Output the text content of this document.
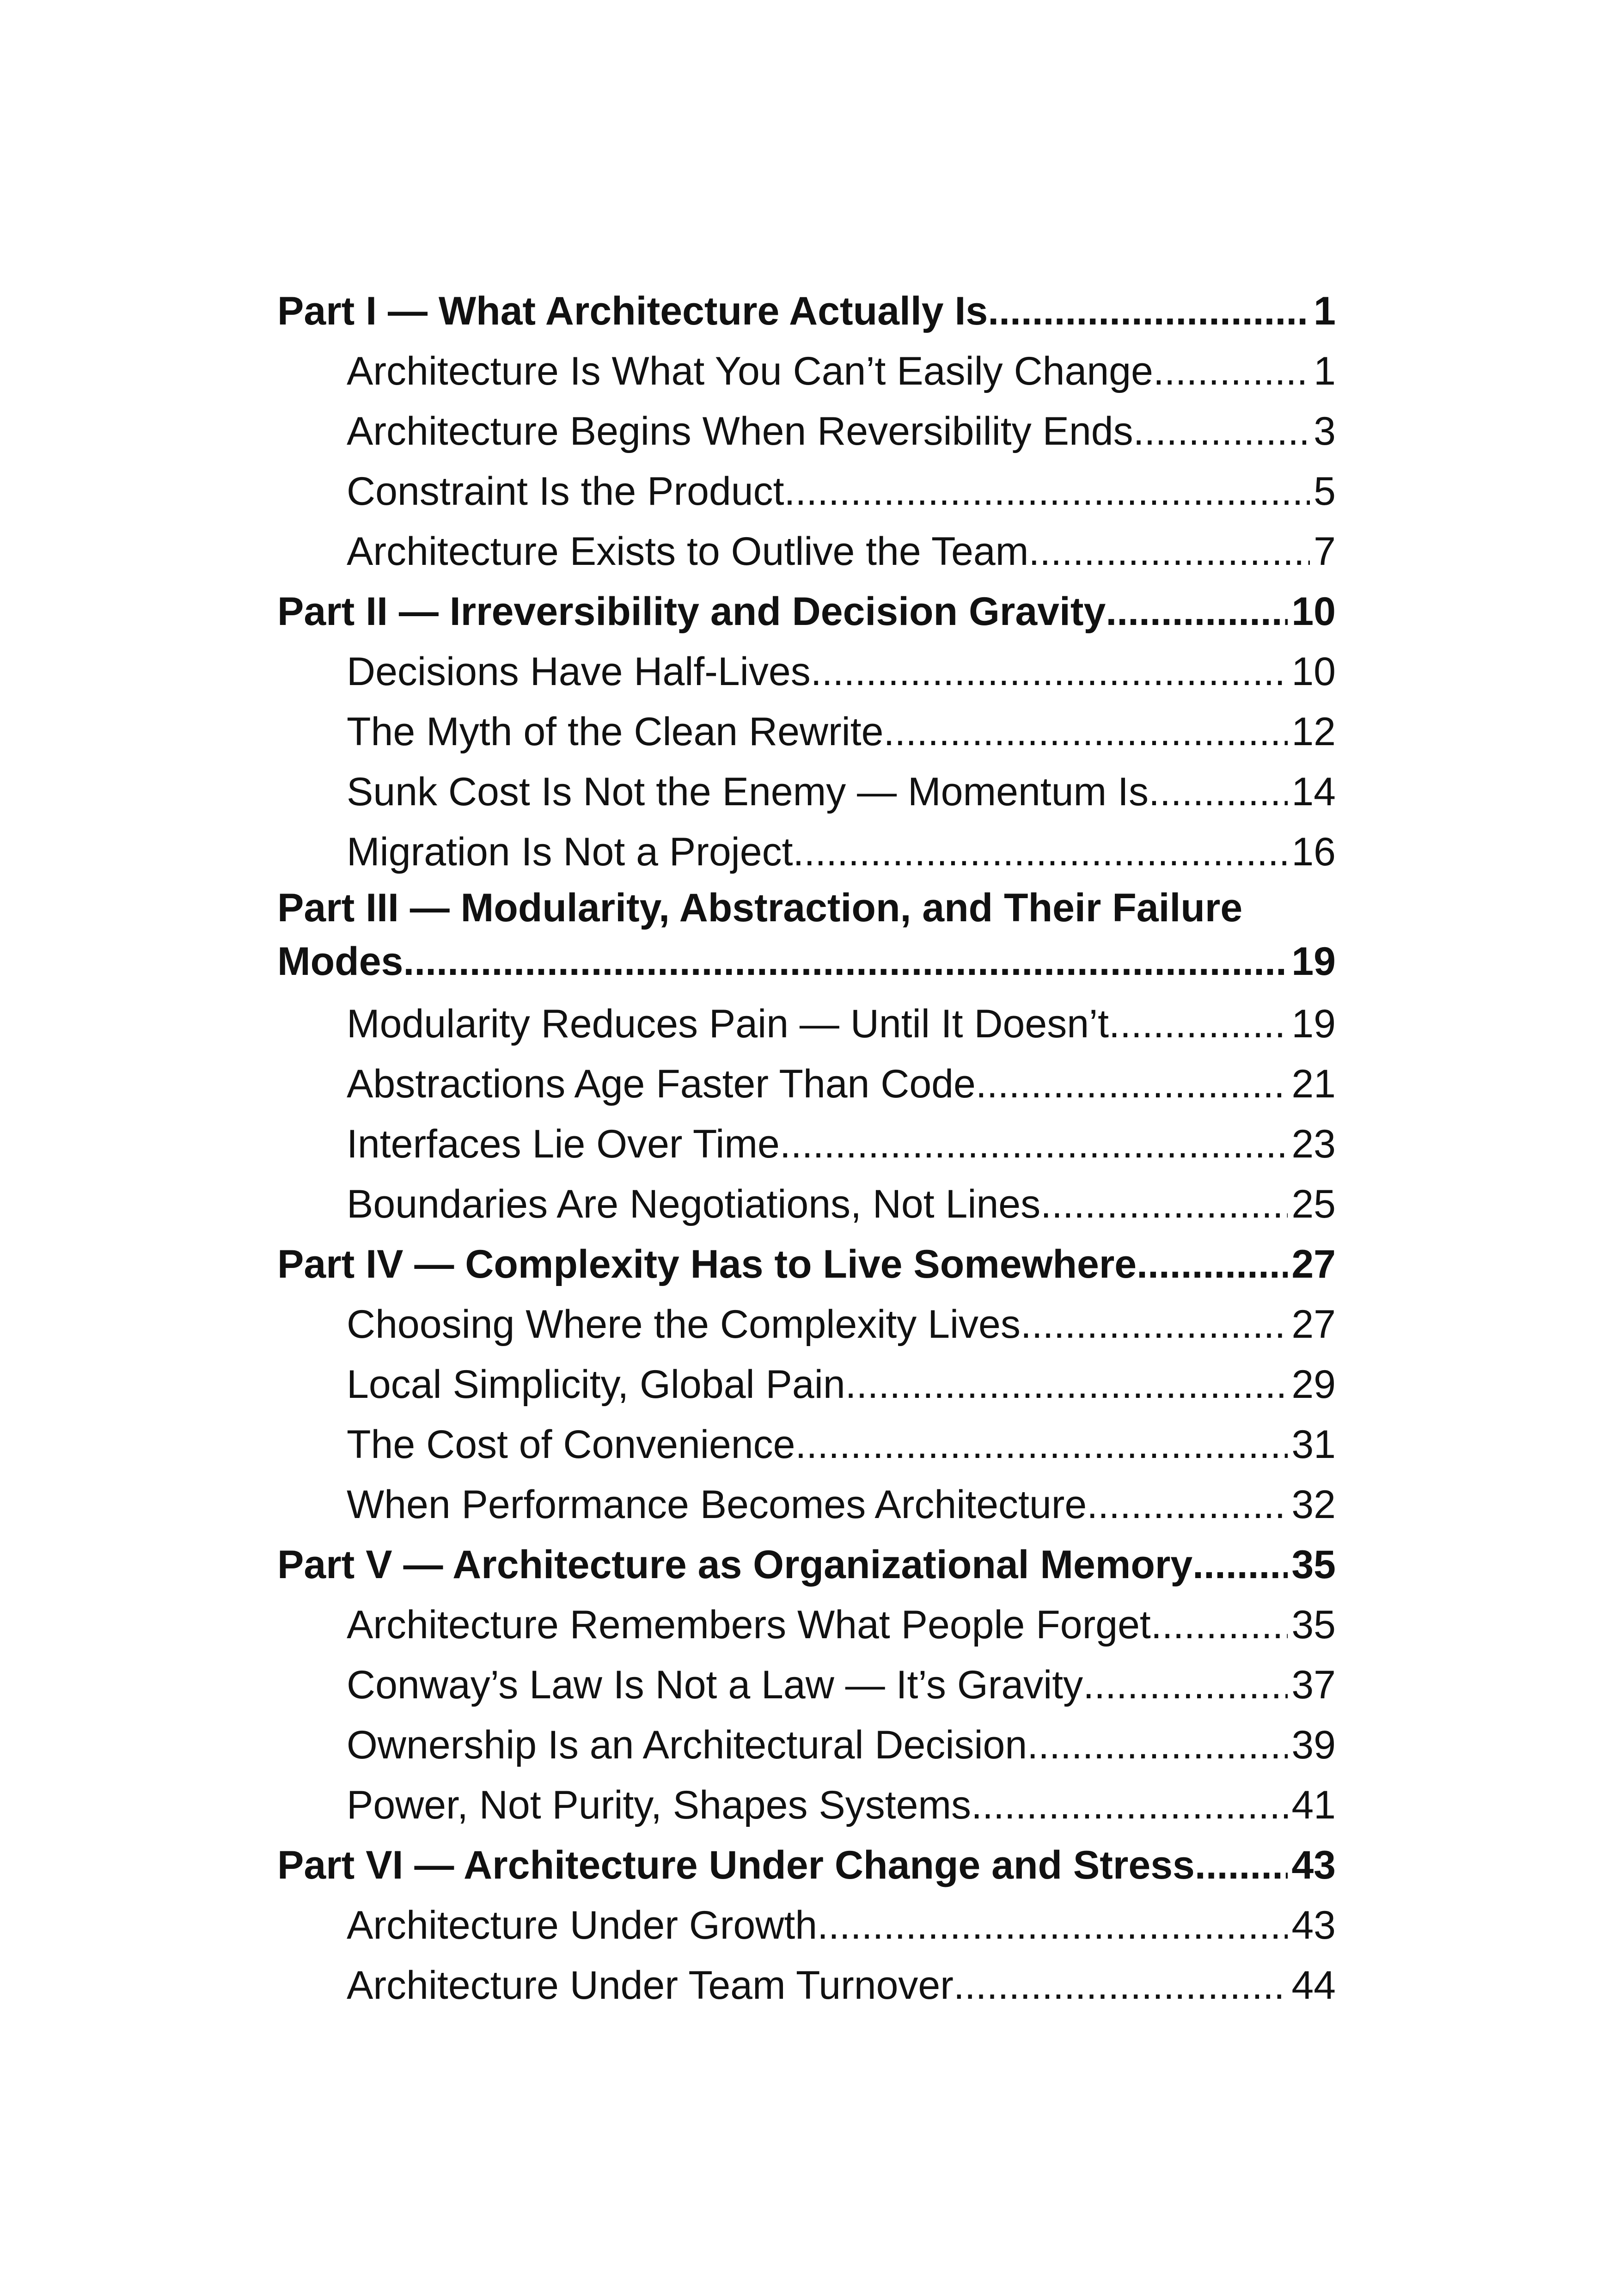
Part I — What Architecture Actually Is .....	1
Architecture Is What You Can’t Easily Change .....	1
Architecture Begins When Reversibility Ends .....	3
Constraint Is the Product .....	5
Architecture Exists to Outlive the Team .....	7
Part II — Irreversibility and Decision Gravity .....	10
Decisions Have Half-Lives .....	10
The Myth of the Clean Rewrite .....	12
Sunk Cost Is Not the Enemy — Momentum Is .....	14
Migration Is Not a Project .....	16
Part III — Modularity, Abstraction, and Their Failure
Modes .....	19
Modularity Reduces Pain — Until It Doesn’t .....	19
Abstractions Age Faster Than Code .....	21
Interfaces Lie Over Time .....	23
Boundaries Are Negotiations, Not Lines .....	25
Part IV — Complexity Has to Live Somewhere .....	27
Choosing Where the Complexity Lives .....	27
Local Simplicity, Global Pain .....	29
The Cost of Convenience .....	31
When Performance Becomes Architecture .....	32
Part V — Architecture as Organizational Memory ..... 35
Architecture Remembers What People Forget .....	35
Conway’s Law Is Not a Law — It’s Gravity .....	37
Ownership Is an Architectural Decision .....	39
Power, Not Purity, Shapes Systems .....	41
Part VI — Architecture Under Change and Stress ..... 43
Architecture Under Growth .....	43
Architecture Under Team Turnover .....	44
